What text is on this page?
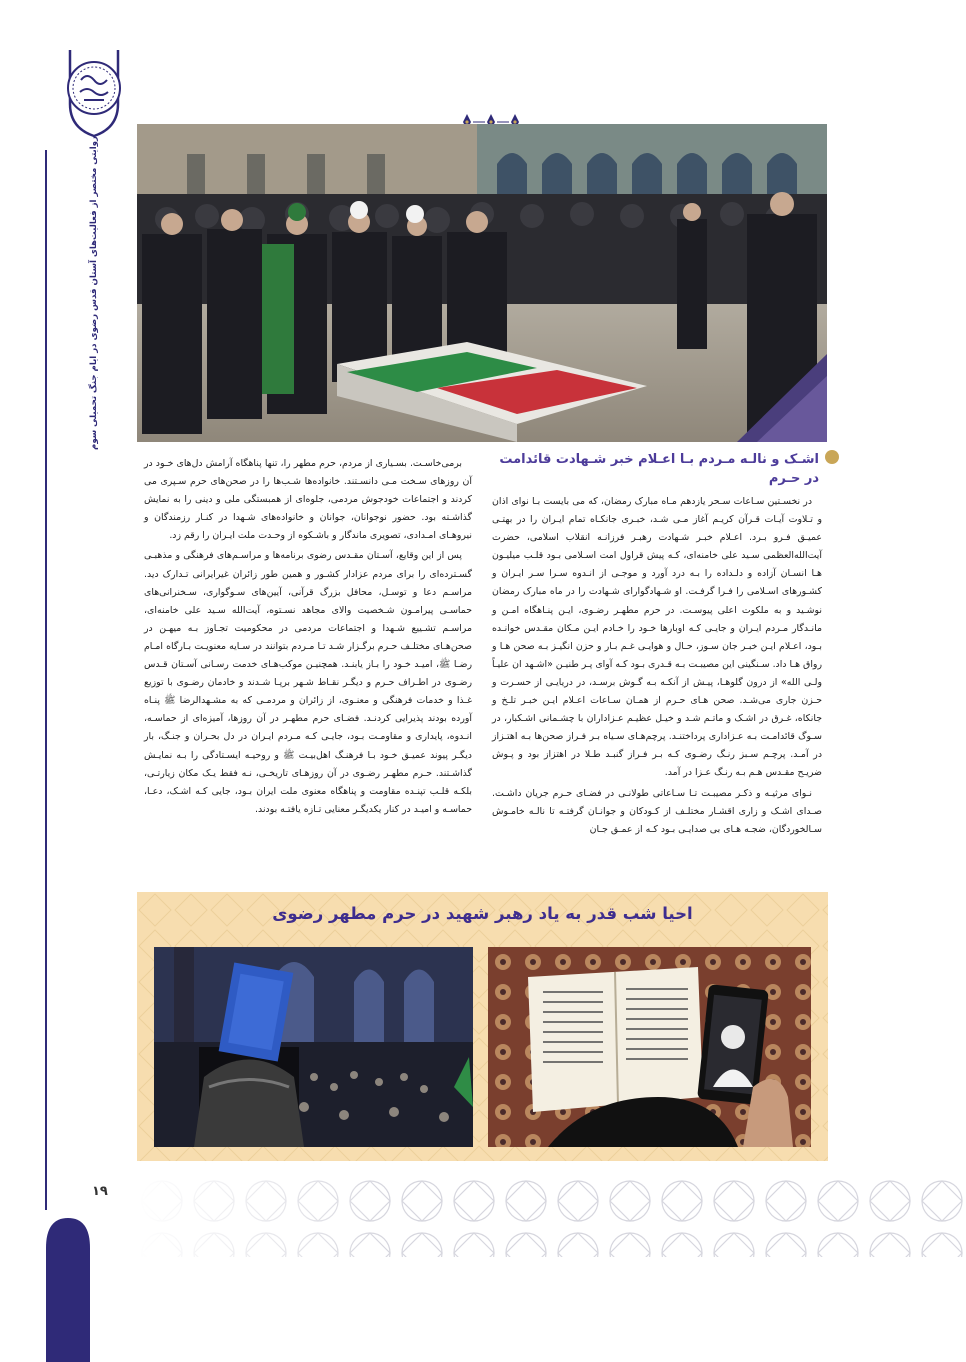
روایتی مختصر از فعالیت‌های آستان قدس رضوی در ایام جنگ تحمیلی سوم
اشـک و نالـه مـردم بـا اعـلام خبر شـهادت قائدامت در حـرم

در نخسـتین سـاعات سـحر یازدهم مـاه مبارک رمضان، که می بایست بـا نوای اذان و تـلاوت آیـات قـرآن کریـم آغاز مـی شـد، خبـری جانکـاه تمام ایـران را در بهتـی عمیـق فـرو بـرد. اعـلام خبـر شـهادت رهبـر فرزانـه انقلاب اسلامی، حضرت آیت‌الله‌العظمی سـید علی خامنه‌ای، کـه پیش قراول امت اسـلامی بـود قلـب میلیـون هـا انسـان آزاده و دلـداده را بـه درد آورد و موجـی از انـدوه سـرا سـر ایـران و کشـورهای اسـلامی را فـرا گرفـت. او شـهادگوارای شـهادت را در ماه مبارک رمضان نوشـید و به ملکوت اعلی پیوسـت. در حرم مطهـر رضـوی، ایـن پنـاهگاه امـن و مانـدگار مـردم ایـران و جایـی کـه اوبارها خـود را خـادم ایـن مـکان مقـدس خوانـده بـود، اعـلام ایـن خبـر جان سـوز، حـال و هوایـی غـم بـار و حزن انگیـز بـه صحن هـا و رواق هـا داد. سـنگینی این مصیبـت بـه قـدری بـود کـه آوای پـر طنیـن «اشـهد ان علیـاً ولـی الله» از درون گلوهـا، پیـش از آنکـه بـه گـوش برسـد، در دریایـی از حسـرت و حـزن جاری می‌شـد. صحن هـای حـرم از همـان سـاعات اعـلام ایـن خبـر تلـخ و جانکاه، غـرق در اشـک و ماتـم شـد و خیـل عظیـم عـزاداران با چشـمانی اشـکبار، در سـوگ قائدامـت بـه عـزاداری پرداختنـد. پرچم‌هـای سـیاه بـر فـراز صحن‌ها بـه اهتـزاز در آمـد. پرچـم سـبز رنـگ رضـوی کـه بـر فـراز گنبـد طـلا در اهتزاز بود و پـوش ضریـح مقـدس هـم بـه رنـگ عـزا در آمد.

نـوای مرثیـه و ذکـر مصیبـت تـا سـاعاتی طولانـی در فضـای حـرم جریان داشـت. صـدای اشـک و زاری اقشـار مختلـف از کـودکان و جوانـان گرفتـه تا نالـه خامـوش سـالخوردگان، ضجـه هـای بی صدایـی بـود کـه از عمـق جـان

برمی‌خاسـت. بسـیاری از مردم، حرم مطهر را، تنها پناهگاه آرامش دل‌های خـود در آن روزهای سـخت مـی دانسـتند. خانواده‌ها شـب‌ها را در صحن‌های حرم سـپری می کردند و اجتماعات خودجوش مردمی، جلوه‌ای از همبستگی ملی و دینی را به نمایش گذاشـته بود. حضور نوجوانان، جوانان و خانواده‌های شـهدا در کنـار رزمندگان و نیروهـای امـدادی، تصویری ماندگار و باشـکوه از وحـدت ملت ایـران را رقم زد.

پس از این وقایع، آسـتان مقـدس رضوی برنامه‌ها و مراسـم‌های فرهنگی و مذهبـی گسـترده‌ای را برای مردم عزادار کشـور و همین طور زائران غیرایرانی تـدارک دید. مراسـم دعا و توسـل، محافل بزرگ قرآنی، آیین‌های سـوگواری، سـخنرانی‌های حماسـی پیرامـون شـخصیت والای مجاهد نسـتوه، آیت‌الله سـید علی خامنه‌ای، مراسـم تشـییع شـهدا و اجتماعات مردمی در محکومیت تجـاوز بـه میهـن در صحن‌هـای مختلـف حـرم برگـزار شـد تـا مـردم بتوانند در سـایه معنویـت بـارگاه امـام رضـا ﷺ، امیـد خـود را بـاز یابنـد. همچنیـن موکب‌هـای خدمت‌ رسـانی آسـتان قـدس رضـوی در اطـراف حـرم و دیگـر نقـاط شـهر برپـا شـدند و خادمان رضـوی با توزیع غـذا و خدمات فرهنگی و معنـوی، از زائران و مردمـی که به مشـهدالرضا ﷺ پنـاه آورده بودند پذیرایی کردنـد. فضـای حرم مطهـر در آن روزها، آمیزه‌ای از حماسـه، انـدوه، پایداری و مقاومـت بـود، جایـی کـه مـردم ایـران در دل بحـران و جنـگ، بار دیگـر پیوند عمیـق خـود بـا فرهنـگ اهل‌بیـت ﷺ و روحیـه ایسـتادگی را بـه نمایـش گذاشـتند. حـرم مطهـر رضـوی در آن روزهـای تاریخـی، نـه فقط یـک مکان زیارتـی، بلکـه قلـب تپنـده مقاومت و پناهگاه معنوی ملت ایران بـود، جایی کـه اشـک، دعـا، حماسـه و امیـد در کنار یکدیگـر معنایی تـازه یافتـه بودند.

احیا شب قدر به یاد رهبر شهید در حرم مطهر رضوی
۱۹
